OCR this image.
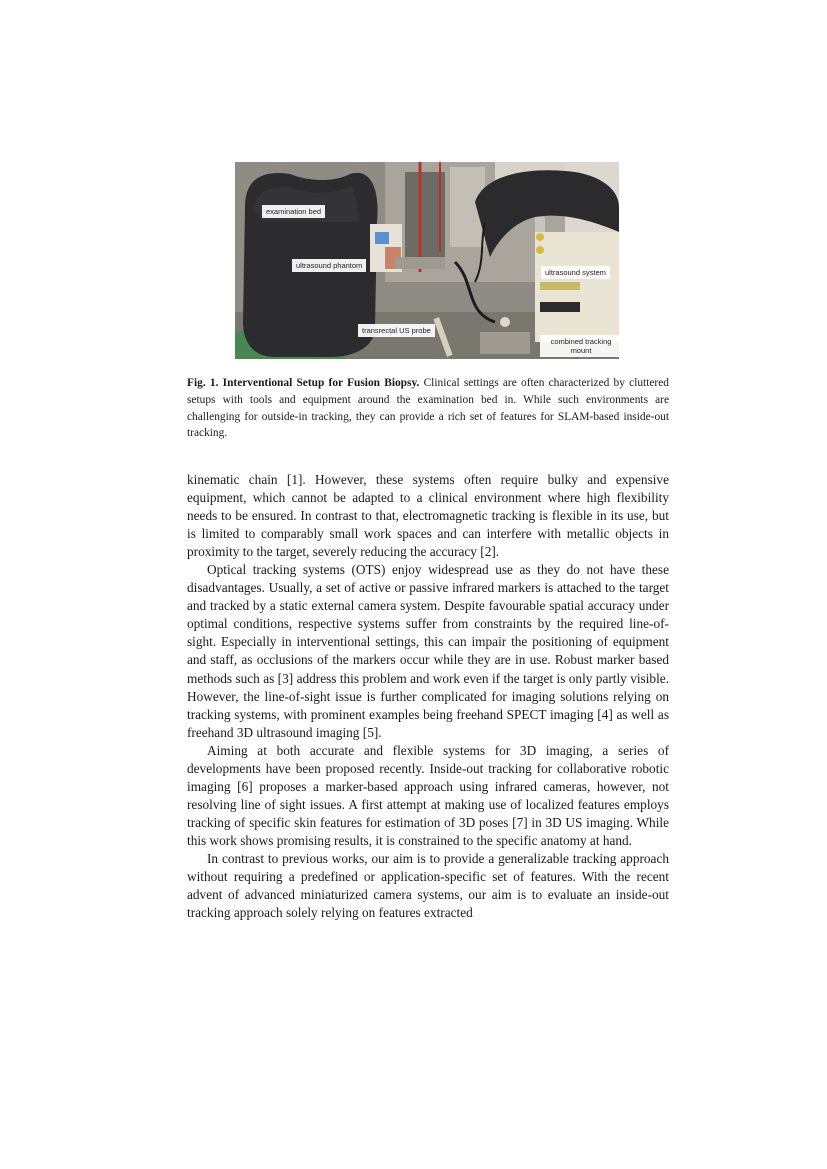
examination bed
ultrasound phantom
ultrasound system
transrectal US probe
combined tracking mount

Fig. 1. Interventional Setup for Fusion Biopsy. Clinical settings are often characterized by cluttered setups with tools and equipment around the examination bed in. While such environments are challenging for outside-in tracking, they can provide a rich set of features for SLAM-based inside-out tracking.

kinematic chain [1]. However, these systems often require bulky and expensive equipment, which cannot be adapted to a clinical environment where high flexibility needs to be ensured. In contrast to that, electromagnetic tracking is flexible in its use, but is limited to comparably small work spaces and can interfere with metallic objects in proximity to the target, severely reducing the accuracy [2].

Optical tracking systems (OTS) enjoy widespread use as they do not have these disadvantages. Usually, a set of active or passive infrared markers is attached to the target and tracked by a static external camera system. Despite favourable spatial accuracy under optimal conditions, respective systems suffer from constraints by the required line-of-sight. Especially in interventional settings, this can impair the positioning of equipment and staff, as occlusions of the markers occur while they are in use. Robust marker based methods such as [3] address this problem and work even if the target is only partly visible. However, the line-of-sight issue is further complicated for imaging solutions relying on tracking systems, with prominent examples being freehand SPECT imaging [4] as well as freehand 3D ultrasound imaging [5].

Aiming at both accurate and flexible systems for 3D imaging, a series of developments have been proposed recently. Inside-out tracking for collaborative robotic imaging [6] proposes a marker-based approach using infrared cameras, however, not resolving line of sight issues. A first attempt at making use of localized features employs tracking of specific skin features for estimation of 3D poses [7] in 3D US imaging. While this work shows promising results, it is constrained to the specific anatomy at hand.

In contrast to previous works, our aim is to provide a generalizable tracking approach without requiring a predefined or application-specific set of features. With the recent advent of advanced miniaturized camera systems, our aim is to evaluate an inside-out tracking approach solely relying on features extracted
